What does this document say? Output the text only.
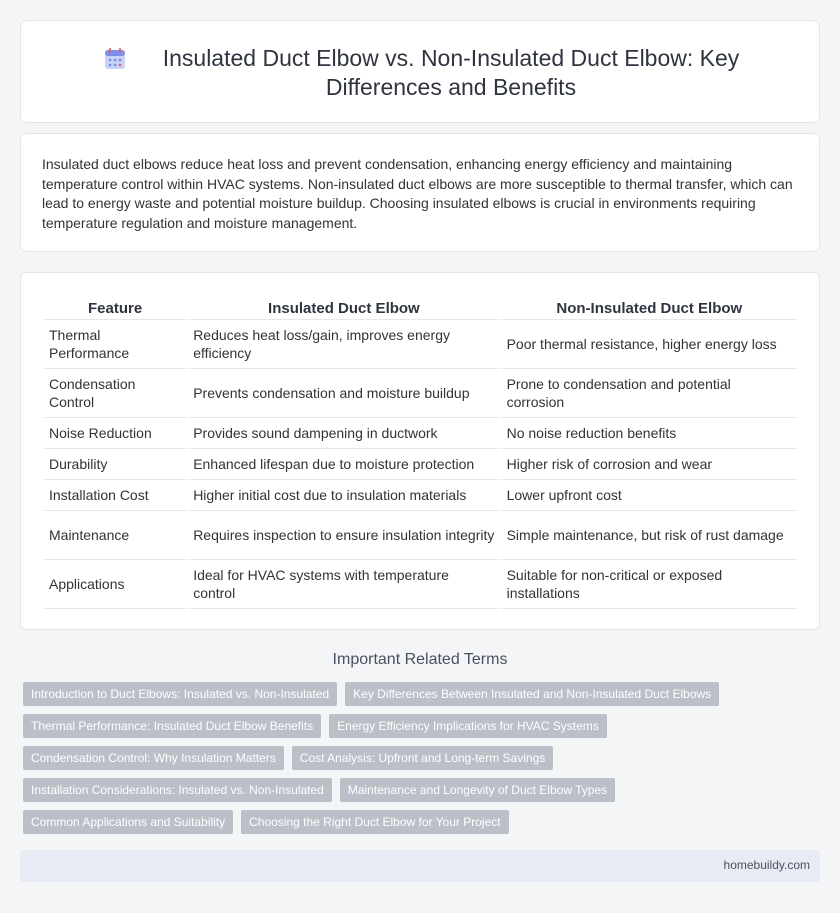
Insulated Duct Elbow vs. Non-Insulated Duct Elbow: Key Differences and Benefits

Insulated duct elbows reduce heat loss and prevent condensation, enhancing energy efficiency and maintaining temperature control within HVAC systems. Non-insulated duct elbows are more susceptible to thermal transfer, which can lead to energy waste and potential moisture buildup. Choosing insulated elbows is crucial in environments requiring temperature regulation and moisture management.

Feature	Insulated Duct Elbow	Non-Insulated Duct Elbow
Thermal Performance	Reduces heat loss/gain, improves energy efficiency	Poor thermal resistance, higher energy loss
Condensation Control	Prevents condensation and moisture buildup	Prone to condensation and potential corrosion
Noise Reduction	Provides sound dampening in ductwork	No noise reduction benefits
Durability	Enhanced lifespan due to moisture protection	Higher risk of corrosion and wear
Installation Cost	Higher initial cost due to insulation materials	Lower upfront cost
Maintenance	Requires inspection to ensure insulation integrity	Simple maintenance, but risk of rust damage
Applications	Ideal for HVAC systems with temperature control	Suitable for non-critical or exposed installations
Important Related Terms
Introduction to Duct Elbows: Insulated vs. Non-Insulated	Key Differences Between Insulated and Non-Insulated Duct Elbows
Thermal Performance: Insulated Duct Elbow Benefits	Energy Efficiency Implications for HVAC Systems
Condensation Control: Why Insulation Matters	Cost Analysis: Upfront and Long-term Savings
Installation Considerations: Insulated vs. Non-Insulated	Maintenance and Longevity of Duct Elbow Types
Common Applications and Suitability	Choosing the Right Duct Elbow for Your Project
homebuildy.com
